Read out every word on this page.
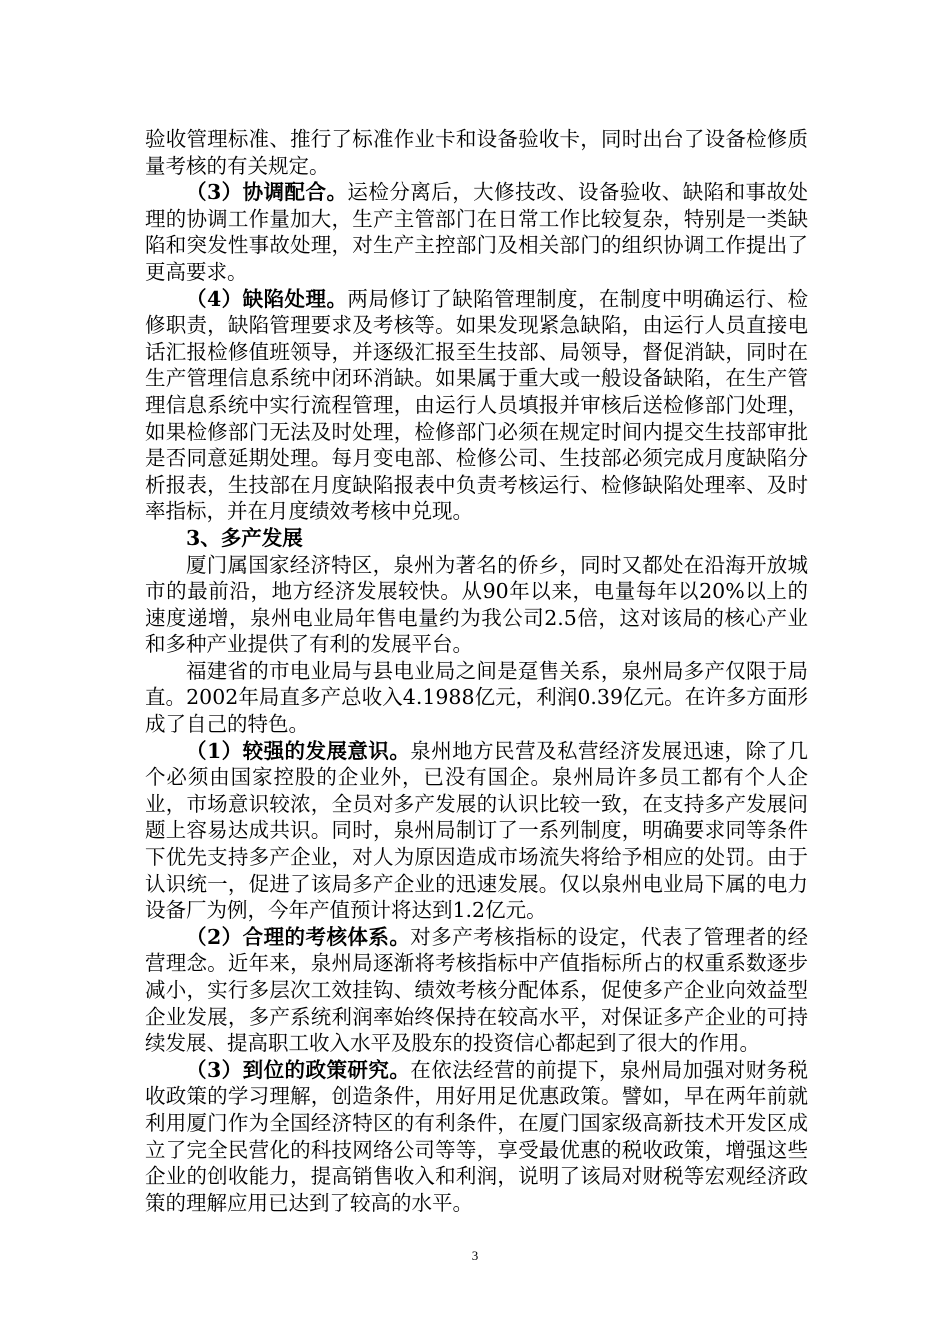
验收管理标准、推行了标准作业卡和设备验收卡，同时出台了设备检修质量考核的有关规定。

（3）协调配合。运检分离后，大修技改、设备验收、缺陷和事故处理的协调工作量加大，生产主管部门在日常工作比较复杂，特别是一类缺陷和突发性事故处理，对生产主控部门及相关部门的组织协调工作提出了更高要求。

（4）缺陷处理。两局修订了缺陷管理制度，在制度中明确运行、检修职责，缺陷管理要求及考核等。如果发现紧急缺陷，由运行人员直接电话汇报检修值班领导，并逐级汇报至生技部、局领导，督促消缺，同时在生产管理信息系统中闭环消缺。如果属于重大或一般设备缺陷，在生产管理信息系统中实行流程管理，由运行人员填报并审核后送检修部门处理，如果检修部门无法及时处理，检修部门必须在规定时间内提交生技部审批是否同意延期处理。每月变电部、检修公司、生技部必须完成月度缺陷分析报表，生技部在月度缺陷报表中负责考核运行、检修缺陷处理率、及时率指标，并在月度绩效考核中兑现。

3、多产发展

厦门属国家经济特区，泉州为著名的侨乡，同时又都处在沿海开放城市的最前沿，地方经济发展较快。从90年以来，电量每年以20%以上的速度递增，泉州电业局年售电量约为我公司2.5倍，这对该局的核心产业和多种产业提供了有利的发展平台。

福建省的市电业局与县电业局之间是趸售关系，泉州局多产仅限于局直。2002年局直多产总收入4.1988亿元，利润0.39亿元。在许多方面形成了自己的特色。

（1）较强的发展意识。泉州地方民营及私营经济发展迅速，除了几个必须由国家控股的企业外，已没有国企。泉州局许多员工都有个人企业，市场意识较浓，全员对多产发展的认识比较一致，在支持多产发展问题上容易达成共识。同时，泉州局制订了一系列制度，明确要求同等条件下优先支持多产企业，对人为原因造成市场流失将给予相应的处罚。由于认识统一，促进了该局多产企业的迅速发展。仅以泉州电业局下属的电力设备厂为例，今年产值预计将达到1.2亿元。

（2）合理的考核体系。对多产考核指标的设定，代表了管理者的经营理念。近年来，泉州局逐渐将考核指标中产值指标所占的权重系数逐步减小，实行多层次工效挂钩、绩效考核分配体系，促使多产企业向效益型企业发展，多产系统利润率始终保持在较高水平，对保证多产企业的可持续发展、提高职工收入水平及股东的投资信心都起到了很大的作用。

（3）到位的政策研究。在依法经营的前提下，泉州局加强对财务税收政策的学习理解，创造条件，用好用足优惠政策。譬如，早在两年前就利用厦门作为全国经济特区的有利条件，在厦门国家级高新技术开发区成立了完全民营化的科技网络公司等等，享受最优惠的税收政策，增强这些企业的创收能力，提高销售收入和利润，说明了该局对财税等宏观经济政策的理解应用已达到了较高的水平。

3
